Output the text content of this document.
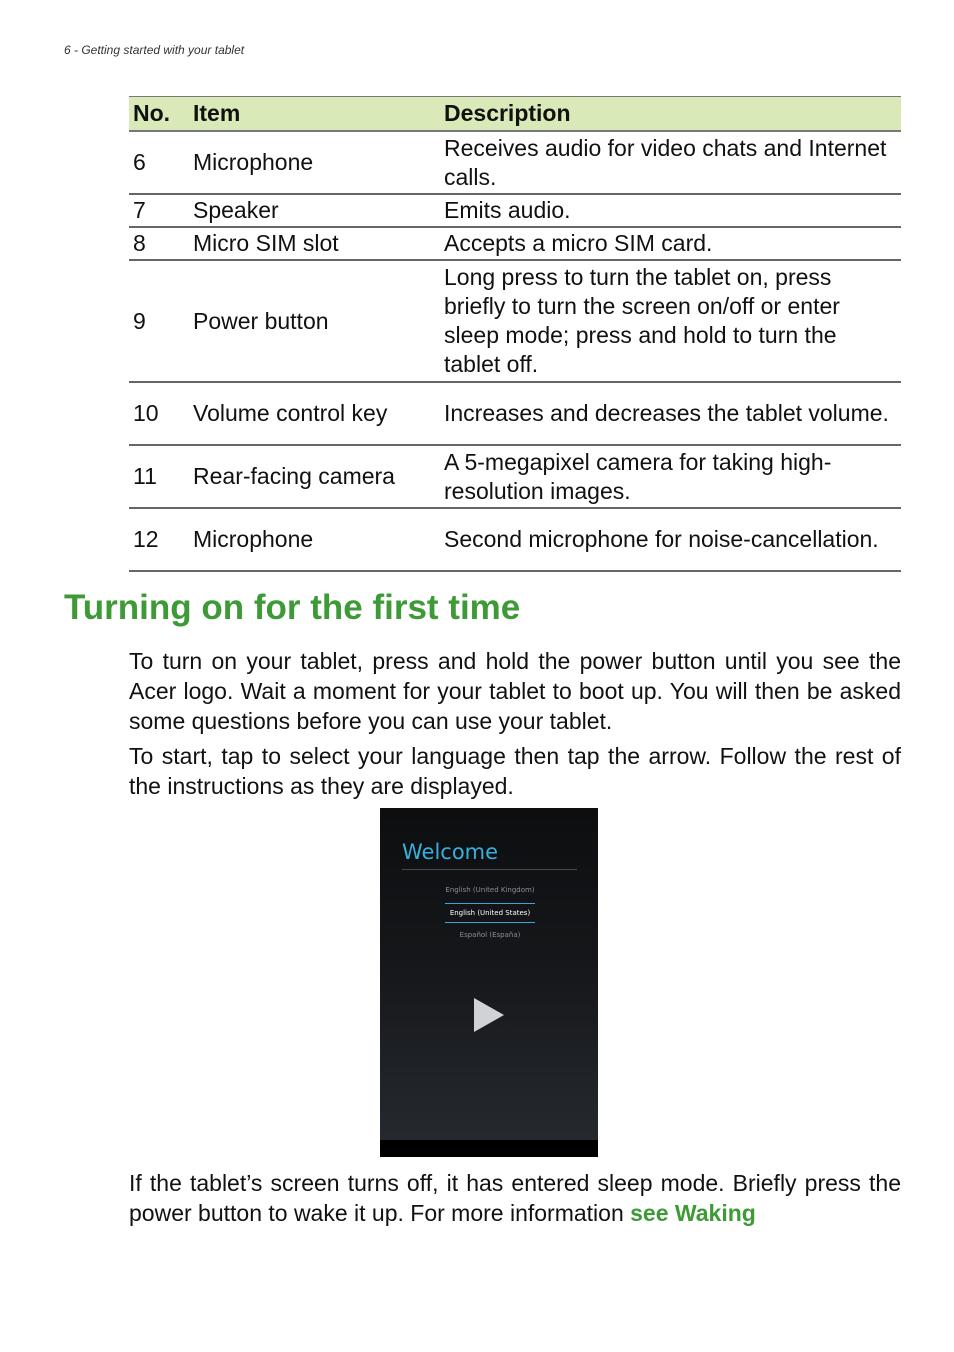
6 - Getting started with your tablet
No.	Item	Description
6	Microphone	Receives audio for video chats and Internet calls.
7	Speaker	Emits audio.
8	Micro SIM slot	Accepts a micro SIM card.
9	Power button	Long press to turn the tablet on, press briefly to turn the screen on/off or enter sleep mode; press and hold to turn the tablet off.
10	Volume control key	Increases and decreases the tablet volume.
11	Rear-facing camera	A 5-megapixel camera for taking high-resolution images.
12	Microphone	Second microphone for noise-cancellation.
Turning on for the first time

To turn on your tablet, press and hold the power button until you see the Acer logo. Wait a moment for your tablet to boot up. You will then be asked some questions before you can use your tablet.

To start, tap to select your language then tap the arrow. Follow the rest of the instructions as they are displayed.

Welcome
English (United Kingdom)
English (United States)
Español (España)

If the tablet’s screen turns off, it has entered sleep mode. Briefly press the power button to wake it up. For more information see Waking
